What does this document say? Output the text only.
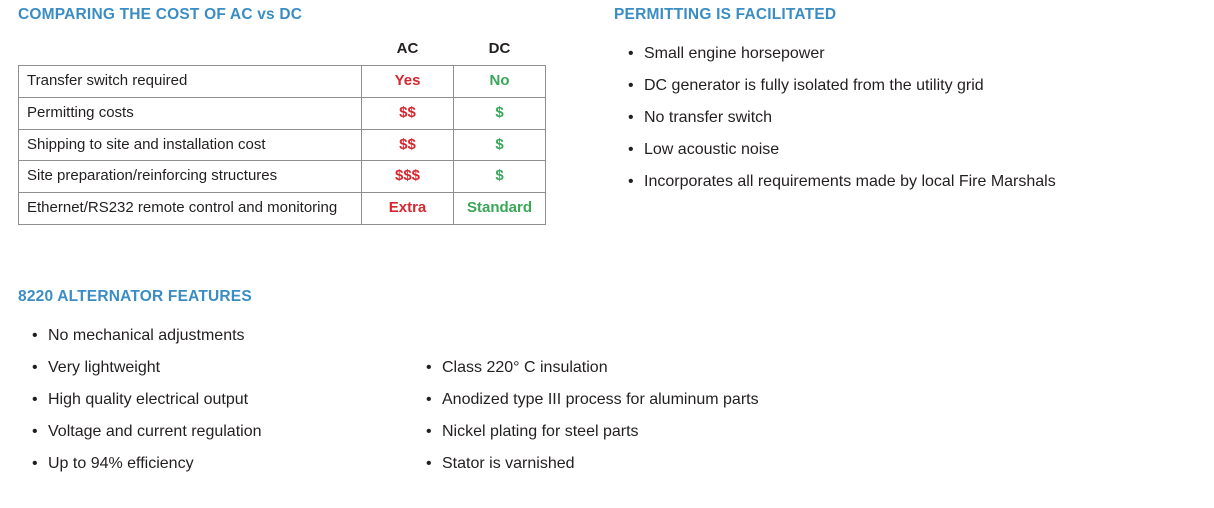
COMPARING THE COST OF AC vs DC
	AC	DC
Transfer switch required	Yes	No
Permitting costs	$$	$
Shipping to site and installation cost	$$	$
Site preparation/reinforcing structures	$$$	$
Ethernet/RS232 remote control and monitoring	Extra	Standard
PERMITTING IS FACILITATED
• Small engine horsepower
• DC generator is fully isolated from the utility grid
• No transfer switch
• Low acoustic noise
• Incorporates all requirements made by local Fire Marshals
8220 ALTERNATOR FEATURES
• No mechanical adjustments
• Very lightweight
• High quality electrical output
• Voltage and current regulation
• Up to 94% efficiency
• Class 220° C insulation
• Anodized type III process for aluminum parts
• Nickel plating for steel parts
• Stator is varnished
